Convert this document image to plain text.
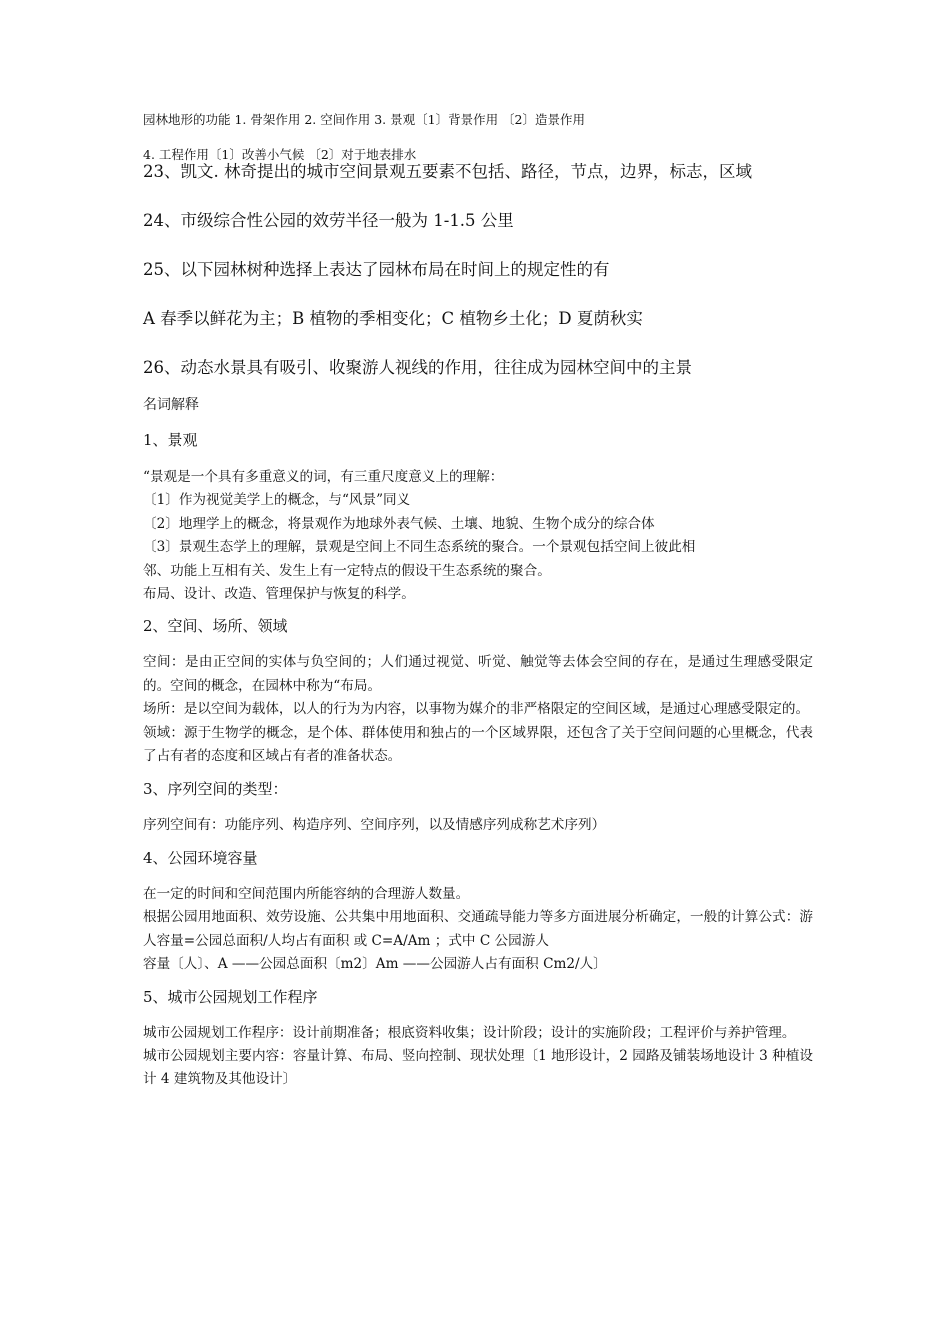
园林地形的功能 1. 骨架作用 2. 空间作用 3. 景观〔1〕背景作用 〔2〕造景作用

4. 工程作用〔1〕改善小气候 〔2〕对于地表排水

23、凯文. 林奇提出的城市空间景观五要素不包括、路径，节点，边界，标志，区域

24、市级综合性公园的效劳半径一般为 1-1.5 公里

25、以下园林树种选择上表达了园林布局在时间上的规定性的有

A 春季以鲜花为主；B 植物的季相变化；C 植物乡土化；D 夏荫秋实

26、动态水景具有吸引、收聚游人视线的作用，往往成为园林空间中的主景

名词解释

1、景观

“景观是一个具有多重意义的词，有三重尺度意义上的理解：

〔1〕作为视觉美学上的概念，与“风景”同义

〔2〕地理学上的概念，将景观作为地球外表气候、土壤、地貌、生物个成分的综合体

〔3〕景观生态学上的理解，景观是空间上不同生态系统的聚合。一个景观包括空间上彼此相

邻、功能上互相有关、发生上有一定特点的假设干生态系统的聚合。

布局、设计、改造、管理保护与恢复的科学。

2、空间、场所、领域

空间：是由正空间的实体与负空间的；人们通过视觉、听觉、触觉等去体会空间的存在，是通过生理感受限定的。空间的概念，在园林中称为“布局。

场所：是以空间为载体，以人的行为为内容，以事物为媒介的非严格限定的空间区域，是通过心理感受限定的。

领域：源于生物学的概念，是个体、群体使用和独占的一个区域界限，还包含了关于空间问题的心里概念，代表了占有者的态度和区域占有者的准备状态。

3、序列空间的类型：

序列空间有：功能序列、构造序列、空间序列，以及情感序列成称艺术序列）

4、公园环境容量

在一定的时间和空间范围内所能容纳的合理游人数量。

根据公园用地面积、效劳设施、公共集中用地面积、交通疏导能力等多方面进展分析确定，一般的计算公式：游人容量=公园总面积/人均占有面积 或 C=A/Am ；式中 C 公园游人

容量〔人〕、A ——公园总面积〔m2〕Am ——公园游人占有面积 Cm2/人〕

5、城市公园规划工作程序

城市公园规划工作程序：设计前期准备；根底资料收集；设计阶段；设计的实施阶段；工程评价与养护管理。

城市公园规划主要内容：容量计算、布局、竖向控制、现状处理〔1 地形设计，2 园路及铺装场地设计 3 种植设计 4 建筑物及其他设计〕
